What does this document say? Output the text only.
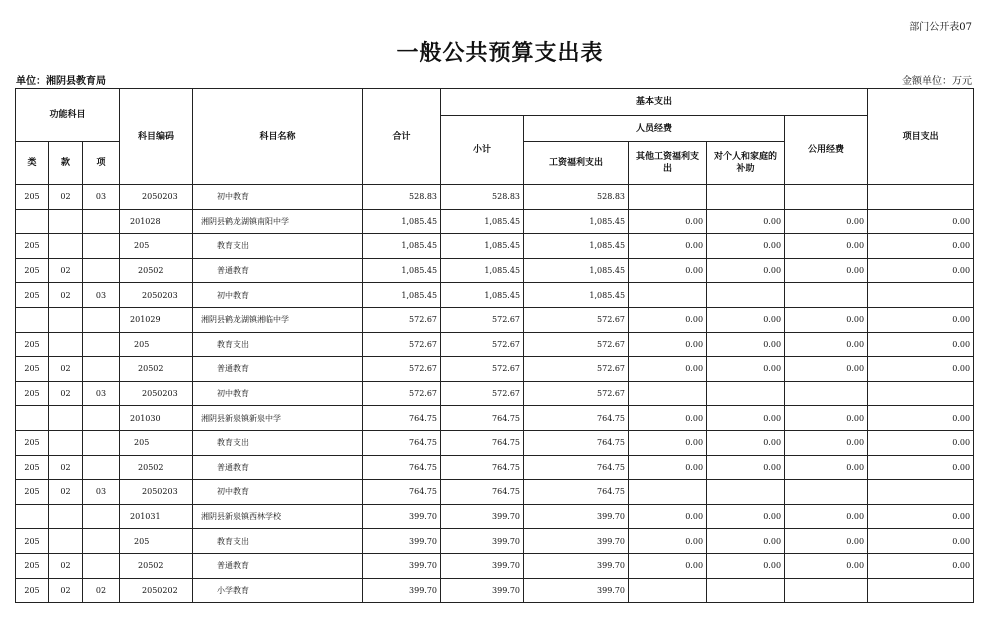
部门公开表07
一般公共预算支出表
单位：湘阴县教育局	金额单位：万元
功能科目			科目编码	科目名称	合计	基本支出					项目支出
						小计	人员经费			公用经费	
类	款	项					工资福利支出	其他工资福利支出	对个人和家庭的补助		
205	02	03	2050203	初中教育	528.83	528.83	528.83				
			201028	湘阴县鹤龙湖镇南阳中学	1,085.45	1,085.45	1,085.45	0.00	0.00	0.00	0.00
205			205	教育支出	1,085.45	1,085.45	1,085.45	0.00	0.00	0.00	0.00
205	02		20502	普通教育	1,085.45	1,085.45	1,085.45	0.00	0.00	0.00	0.00
205	02	03	2050203	初中教育	1,085.45	1,085.45	1,085.45				
			201029	湘阴县鹤龙湖镇湘临中学	572.67	572.67	572.67	0.00	0.00	0.00	0.00
205			205	教育支出	572.67	572.67	572.67	0.00	0.00	0.00	0.00
205	02		20502	普通教育	572.67	572.67	572.67	0.00	0.00	0.00	0.00
205	02	03	2050203	初中教育	572.67	572.67	572.67				
			201030	湘阴县新泉镇新泉中学	764.75	764.75	764.75	0.00	0.00	0.00	0.00
205			205	教育支出	764.75	764.75	764.75	0.00	0.00	0.00	0.00
205	02		20502	普通教育	764.75	764.75	764.75	0.00	0.00	0.00	0.00
205	02	03	2050203	初中教育	764.75	764.75	764.75				
			201031	湘阴县新泉镇西林学校	399.70	399.70	399.70	0.00	0.00	0.00	0.00
205			205	教育支出	399.70	399.70	399.70	0.00	0.00	0.00	0.00
205	02		20502	普通教育	399.70	399.70	399.70	0.00	0.00	0.00	0.00
205	02	02	2050202	小学教育	399.70	399.70	399.70				
